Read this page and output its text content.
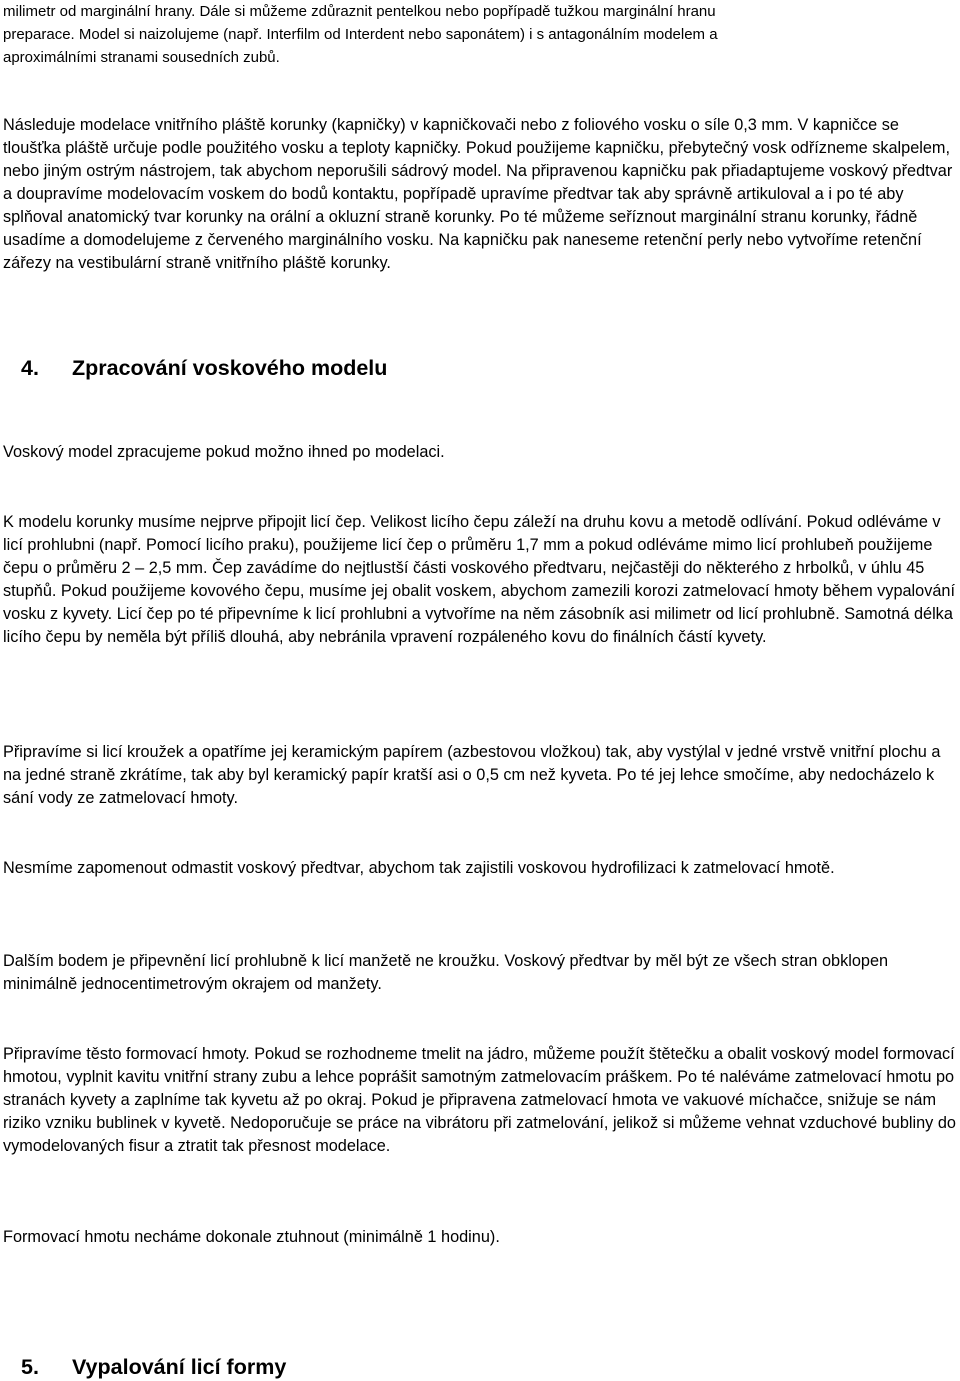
milimetr od marginální hrany. Dále si můžeme zdůraznit pentelkou nebo popřípadě tužkou marginální hranu
preparace. Model si naizolujeme (např. Interfilm od Interdent nebo saponátem) i s antagonálním modelem a
aproximálními stranami sousedních zubů.

Následuje modelace vnitřního pláště korunky (kapničky) v kapničkovači nebo z foliového vosku o síle 0,3 mm. V kapničce se tloušťka pláště určuje podle použitého vosku a teploty kapničky. Pokud použijeme kapničku, přebytečný vosk odřízneme skalpelem, nebo jiným ostrým nástrojem, tak abychom neporušili sádrový model. Na připravenou kapničku pak přiadaptujeme voskový předtvar a doupravíme modelovacím voskem do bodů kontaktu, popřípadě upravíme předtvar tak aby správně artikuloval a i po té aby splňoval anatomický tvar korunky na orální a okluzní straně korunky. Po té můžeme seříznout marginální stranu korunky, řádně usadíme a domodelujeme z červeného marginálního vosku. Na kapničku pak naneseme retenční perly nebo vytvoříme retenční zářezy na vestibulární straně vnitřního pláště korunky.

4. Zpracování voskového modelu

Voskový model zpracujeme pokud možno ihned po modelaci.

K modelu korunky musíme nejprve připojit licí čep. Velikost licího čepu záleží na druhu kovu a metodě odlívání. Pokud odléváme v licí prohlubni (např. Pomocí licího praku), použijeme licí čep o průměru 1,7 mm a pokud odléváme mimo licí prohlubeň použijeme čepu o průměru 2 – 2,5 mm. Čep zavádíme do nejtlustší části voskového předtvaru, nejčastěji do některého z hrbolků, v úhlu 45 stupňů. Pokud použijeme kovového čepu, musíme jej obalit voskem, abychom zamezili korozi zatmelovací hmoty během vypalování vosku z kyvety. Licí čep po té připevníme k licí prohlubni a vytvoříme na něm zásobník asi milimetr od licí prohlubně. Samotná délka licího čepu by neměla být příliš dlouhá, aby nebránila vpravení rozpáleného kovu do finálních částí kyvety.

Připravíme si licí kroužek a opatříme jej keramickým papírem (azbestovou vložkou) tak, aby vystýlal v jedné vrstvě vnitřní plochu a na jedné straně zkrátíme, tak aby byl keramický papír kratší asi o 0,5 cm než kyveta. Po té jej lehce smočíme, aby nedocházelo k sání vody ze zatmelovací hmoty.

Nesmíme zapomenout odmastit voskový předtvar, abychom tak zajistili voskovou hydrofilizaci k zatmelovací hmotě.

Dalším bodem je připevnění licí prohlubně k licí manžetě ne kroužku. Voskový předtvar by měl být ze všech stran obklopen minimálně jednocentimetrovým okrajem od manžety.

Připravíme těsto formovací hmoty. Pokud se rozhodneme tmelit na jádro, můžeme použít štětečku a obalit voskový model formovací hmotou, vyplnit kavitu vnitřní strany zubu a lehce poprášit samotným zatmelovacím práškem. Po té naléváme zatmelovací hmotu po stranách kyvety a zaplníme tak kyvetu až po okraj. Pokud je připravena zatmelovací hmota ve vakuové míchačce, snižuje se nám riziko vzniku bublinek v kyvetě. Nedoporučuje se práce na vibrátoru při zatmelování, jelikož si můžeme vehnat vzduchové bubliny do vymodelovaných fisur a ztratit tak přesnost modelace.

Formovací hmotu necháme dokonale ztuhnout (minimálně 1 hodinu).

5. Vypalování licí formy
